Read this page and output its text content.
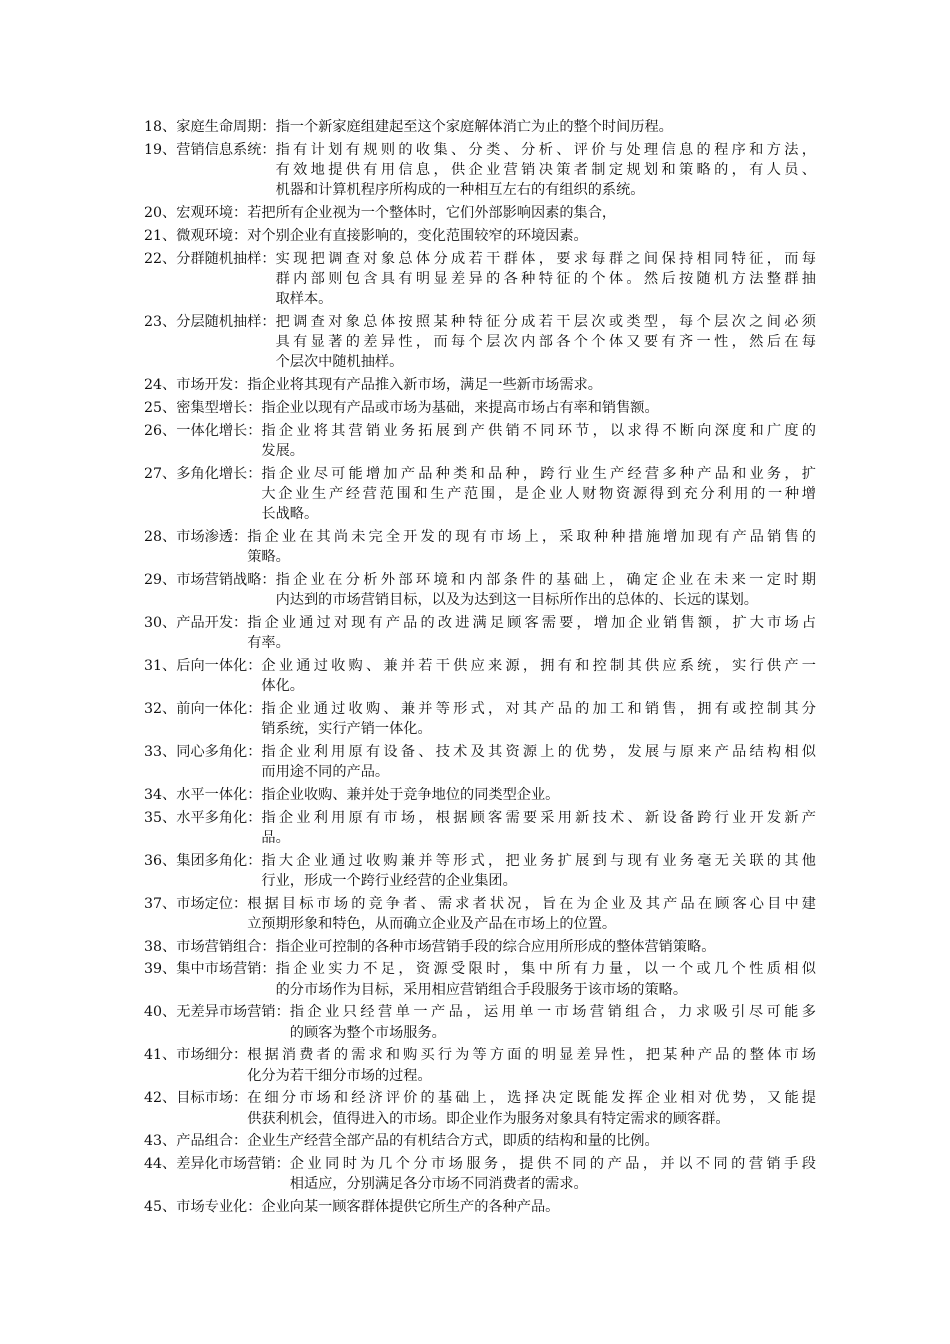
18、 家庭生命周期： 指一个新家庭组建起至这个家庭解体消亡为止的整个时间历程。
19、 营销信息系统： 指有计划有规则的收集、分类、分析、评价与处理信息的程序和方法，
有效地提供有用信息，供企业营销决策者制定规划和策略的，有人员、
机器和计算机程序所构成的一种相互左右的有组织的系统。
20、 宏观环境： 若把所有企业视为一个整体时，它们外部影响因素的集合，
21、 微观环境： 对个别企业有直接影响的，变化范围较窄的环境因素。
22、 分群随机抽样： 实现把调查对象总体分成若干群体，要求每群之间保持相同特征，而每
群内部则包含具有明显差异的各种特征的个体。然后按随机方法整群抽
取样本。
23、 分层随机抽样： 把调查对象总体按照某种特征分成若干层次或类型，每个层次之间必须
具有显著的差异性，而每个层次内部各个个体又要有齐一性，然后在每
个层次中随机抽样。
24、 市场开发： 指企业将其现有产品推入新市场，满足一些新市场需求。
25、 密集型增长： 指企业以现有产品或市场为基础，来提高市场占有率和销售额。
26、 一体化增长： 指企业将其营销业务拓展到产供销不同环节，以求得不断向深度和广度的
发展。
27、 多角化增长： 指企业尽可能增加产品种类和品种，跨行业生产经营多种产品和业务，扩
大企业生产经营范围和生产范围，是企业人财物资源得到充分利用的一种增
长战略。
28、 市场渗透： 指企业在其尚未完全开发的现有市场上，采取种种措施增加现有产品销售的
策略。
29、 市场营销战略： 指企业在分析外部环境和内部条件的基础上，确定企业在未来一定时期
内达到的市场营销目标，以及为达到这一目标所作出的总体的、长远的谋划。
30、 产品开发： 指企业通过对现有产品的改进满足顾客需要，增加企业销售额，扩大市场占
有率。
31、 后向一体化： 企业通过收购、兼并若干供应来源，拥有和控制其供应系统，实行供产一
体化。
32、 前向一体化： 指企业通过收购、兼并等形式，对其产品的加工和销售，拥有或控制其分
销系统，实行产销一体化。
33、 同心多角化： 指企业利用原有设备、技术及其资源上的优势，发展与原来产品结构相似
而用途不同的产品。
34、 水平一体化： 指企业收购、兼并处于竞争地位的同类型企业。
35、 水平多角化： 指企业利用原有市场，根据顾客需要采用新技术、新设备跨行业开发新产
品。
36、 集团多角化： 指大企业通过收购兼并等形式，把业务扩展到与现有业务毫无关联的其他
行业，形成一个跨行业经营的企业集团。
37、 市场定位： 根据目标市场的竞争者、需求者状况，旨在为企业及其产品在顾客心目中建
立预期形象和特色，从而确立企业及产品在市场上的位置。
38、 市场营销组合： 指企业可控制的各种市场营销手段的综合应用所形成的整体营销策略。
39、 集中市场营销： 指企业实力不足，资源受限时，集中所有力量，以一个或几个性质相似
的分市场作为目标，采用相应营销组合手段服务于该市场的策略。
40、 无差异市场营销： 指企业只经营单一产品，运用单一市场营销组合，力求吸引尽可能多
的顾客为整个市场服务。
41、 市场细分： 根据消费者的需求和购买行为等方面的明显差异性，把某种产品的整体市场
化分为若干细分市场的过程。
42、 目标市场： 在细分市场和经济评价的基础上，选择决定既能发挥企业相对优势，又能提
供获利机会，值得进入的市场。即企业作为服务对象具有特定需求的顾客群。
43、 产品组合： 企业生产经营全部产品的有机结合方式，即质的结构和量的比例。
44、 差异化市场营销： 企业同时为几个分市场服务，提供不同的产品，并以不同的营销手段
相适应，分别满足各分市场不同消费者的需求。
45、 市场专业化： 企业向某一顾客群体提供它所生产的各种产品。
